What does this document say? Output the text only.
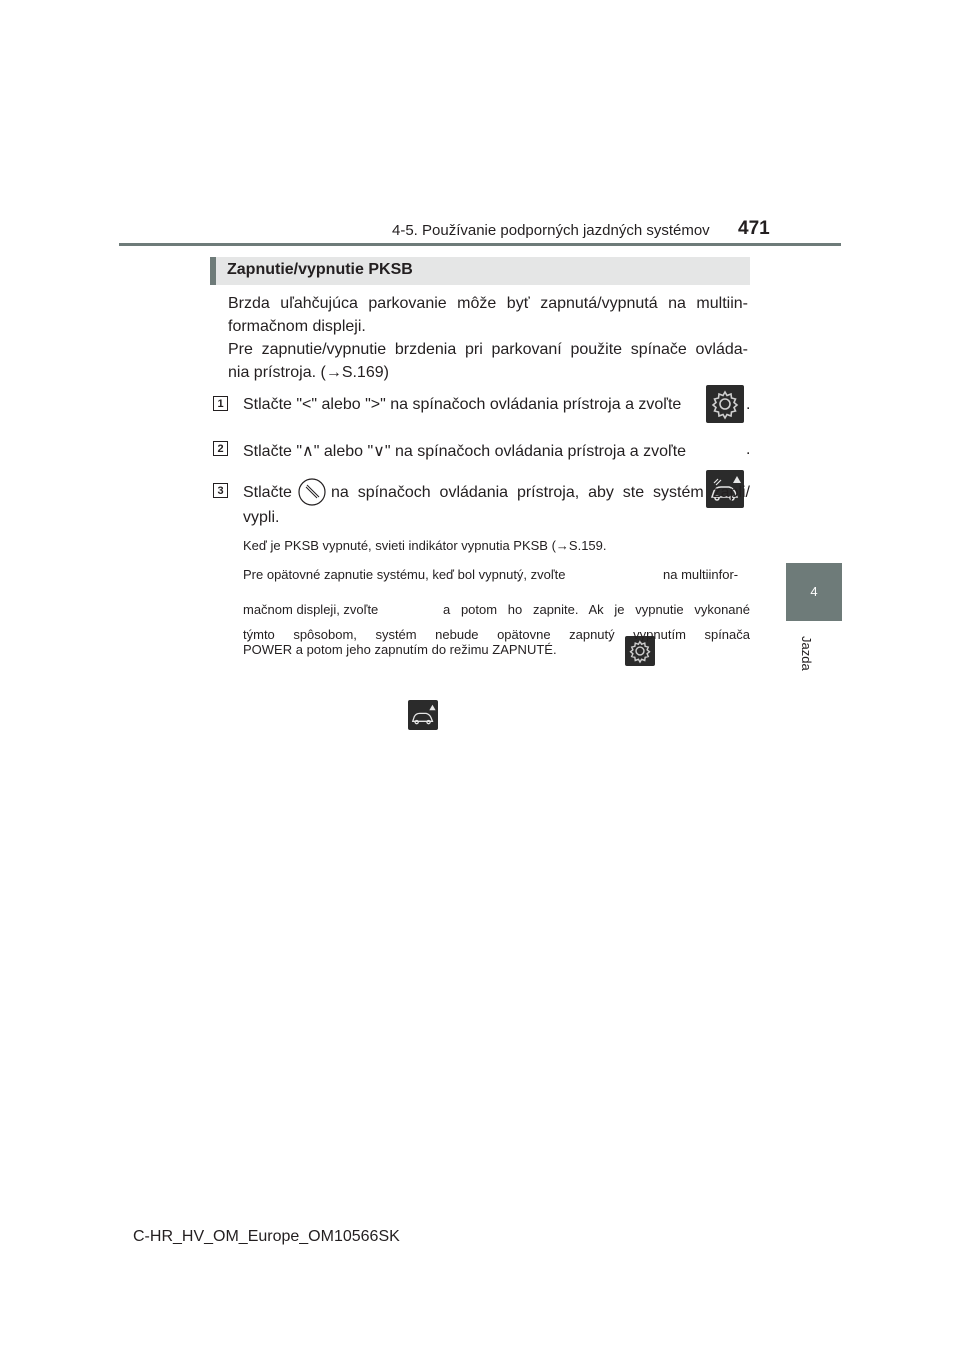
4-5. Používanie podporných jazdných systémov 471
4
Jazda
Zapnutie/vypnutie PKSB
Brzda uľahčujúca parkovanie môže byť zapnutá/vypnutá na multiin-
formačnom displeji.
Pre zapnutie/vypnutie brzdenia pri parkovaní použite spínače ovláda-
nia prístroja. (→S.169)
1 Stlačte "<" alebo ">" na spínačoch ovládania prístroja a zvoľte	.
2 Stlačte "∧" alebo "∨" na spínačoch ovládania prístroja a zvoľte	.
3 Stlačte na spínačoch ovládania prístroja, aby ste systém zapli/
vypli.
Keď je PKSB vypnuté, svieti indikátor vypnutia PKSB (→S.159.
Pre opätovné zapnutie systému, keď bol vypnutý, zvoľte	na multiinfor-
mačnom displeji, zvoľte	a potom ho zapnite. Ak je vypnutie vykonané
týmto spôsobom, systém nebude opätovne zapnutý vypnutím spínača
POWER a potom jeho zapnutím do režimu ZAPNUTÉ.
C-HR_HV_OM_Europe_OM10566SK
